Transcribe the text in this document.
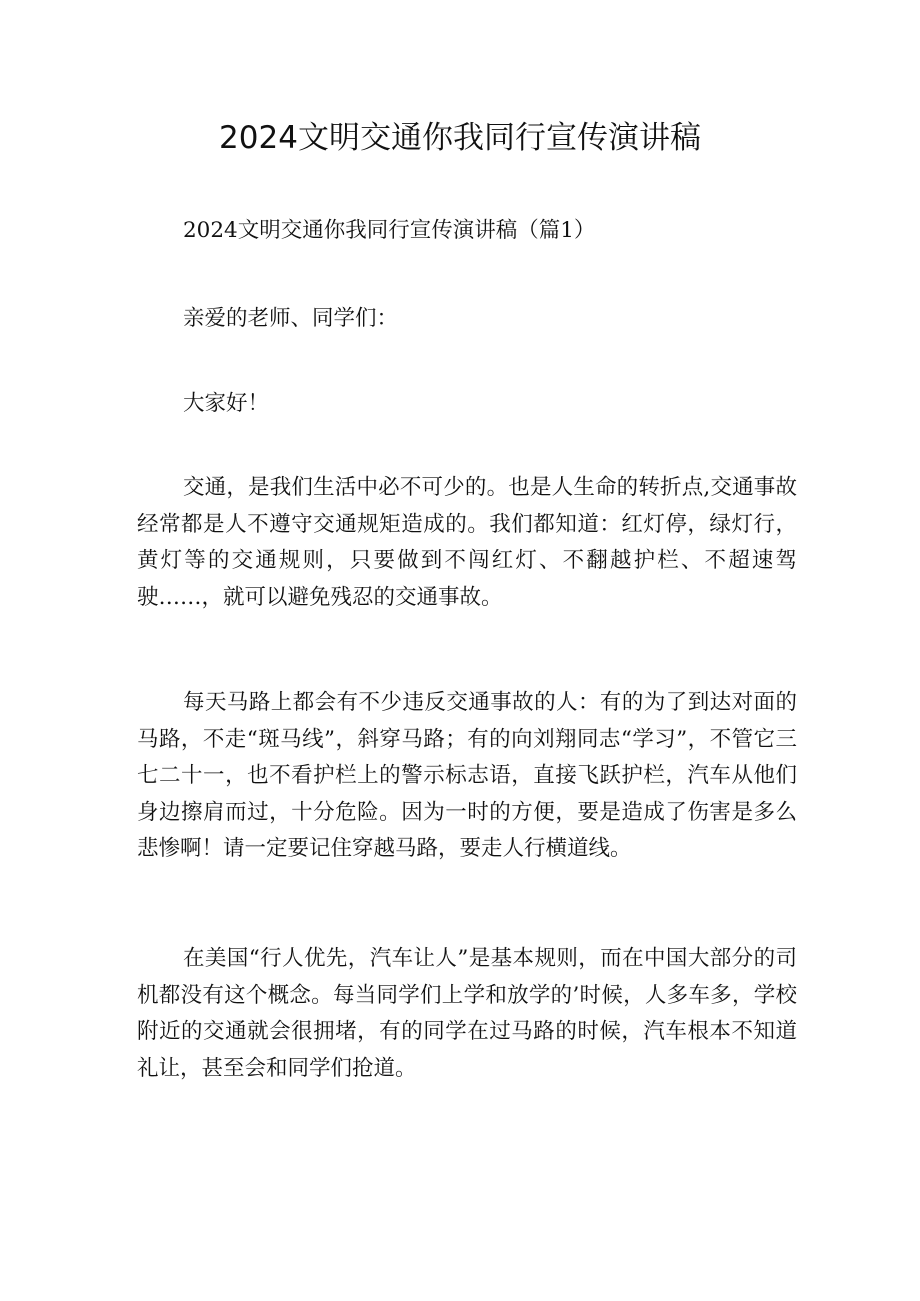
2024文明交通你我同行宣传演讲稿
2024文明交通你我同行宣传演讲稿（篇1）
亲爱的老师、同学们：
大家好！
交通，是我们生活中必不可少的。也是人生命的转折点,交通事故经常都是人不遵守交通规矩造成的。我们都知道：红灯停，绿灯行，黄灯等的交通规则，只要做到不闯红灯、不翻越护栏、不超速驾驶……，就可以避免残忍的交通事故。
每天马路上都会有不少违反交通事故的人：有的为了到达对面的马路，不走“斑马线”，斜穿马路；有的向刘翔同志“学习”，不管它三七二十一，也不看护栏上的警示标志语，直接飞跃护栏，汽车从他们身边擦肩而过，十分危险。因为一时的方便，要是造成了伤害是多么悲惨啊！请一定要记住穿越马路，要走人行横道线。
在美国“行人优先，汽车让人”是基本规则，而在中国大部分的司机都没有这个概念。每当同学们上学和放学的’时候，人多车多，学校附近的交通就会很拥堵，有的同学在过马路的时候，汽车根本不知道礼让，甚至会和同学们抢道。
